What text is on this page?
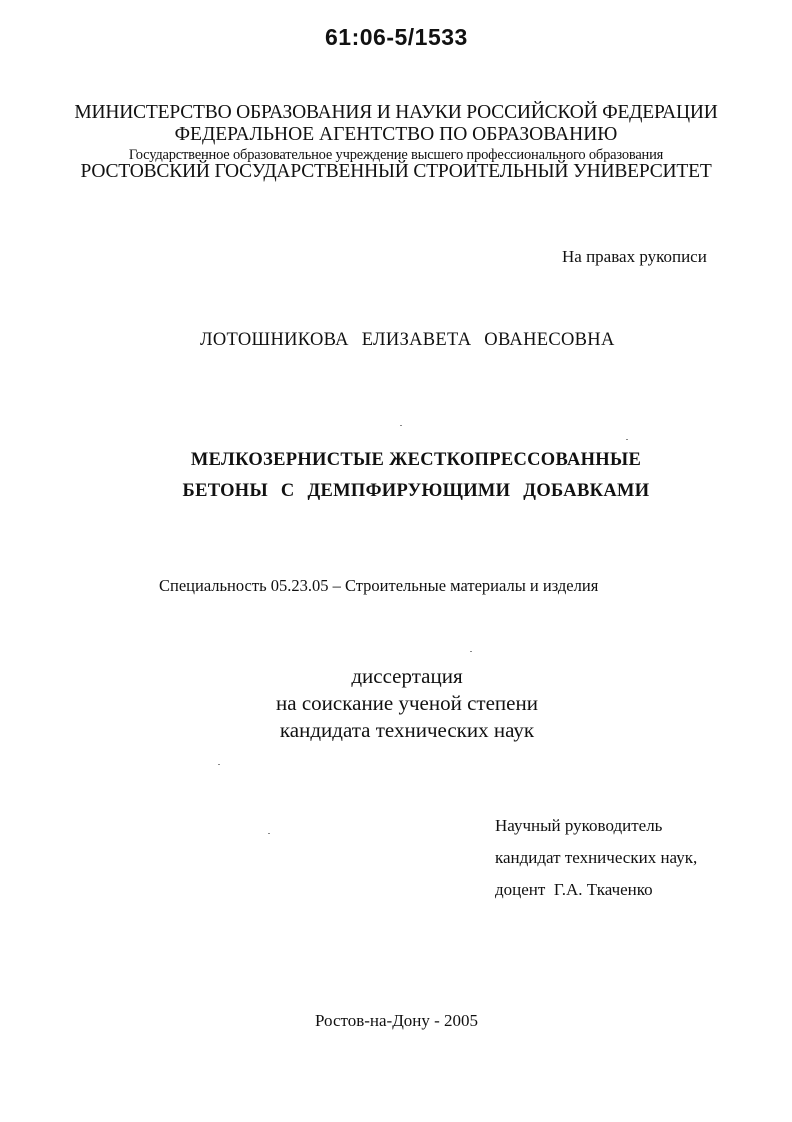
61:06-5/1533
МИНИСТЕРСТВО ОБРАЗОВАНИЯ И НАУКИ РОССИЙСКОЙ ФЕДЕРАЦИИ
ФЕДЕРАЛЬНОЕ АГЕНТСТВО ПО ОБРАЗОВАНИЮ
Государственное образовательное учреждение высшего профессионального образования
РОСТОВСКИЙ ГОСУДАРСТВЕННЫЙ СТРОИТЕЛЬНЫЙ УНИВЕРСИТЕТ
На правах рукописи
ЛОТОШНИКОВА ЕЛИЗАВЕТА ОВАНЕСОВНА
МЕЛКОЗЕРНИСТЫЕ ЖЕСТКОПРЕССОВАННЫЕ
БЕТОНЫ С ДЕМПФИРУЮЩИМИ ДОБАВКАМИ
Специальность 05.23.05 – Строительные материалы и изделия
диссертация
на соискание ученой степени
кандидата технических наук
Научный руководитель
кандидат технических наук,
доцент  Г.А. Ткаченко
Ростов-на-Дону - 2005
